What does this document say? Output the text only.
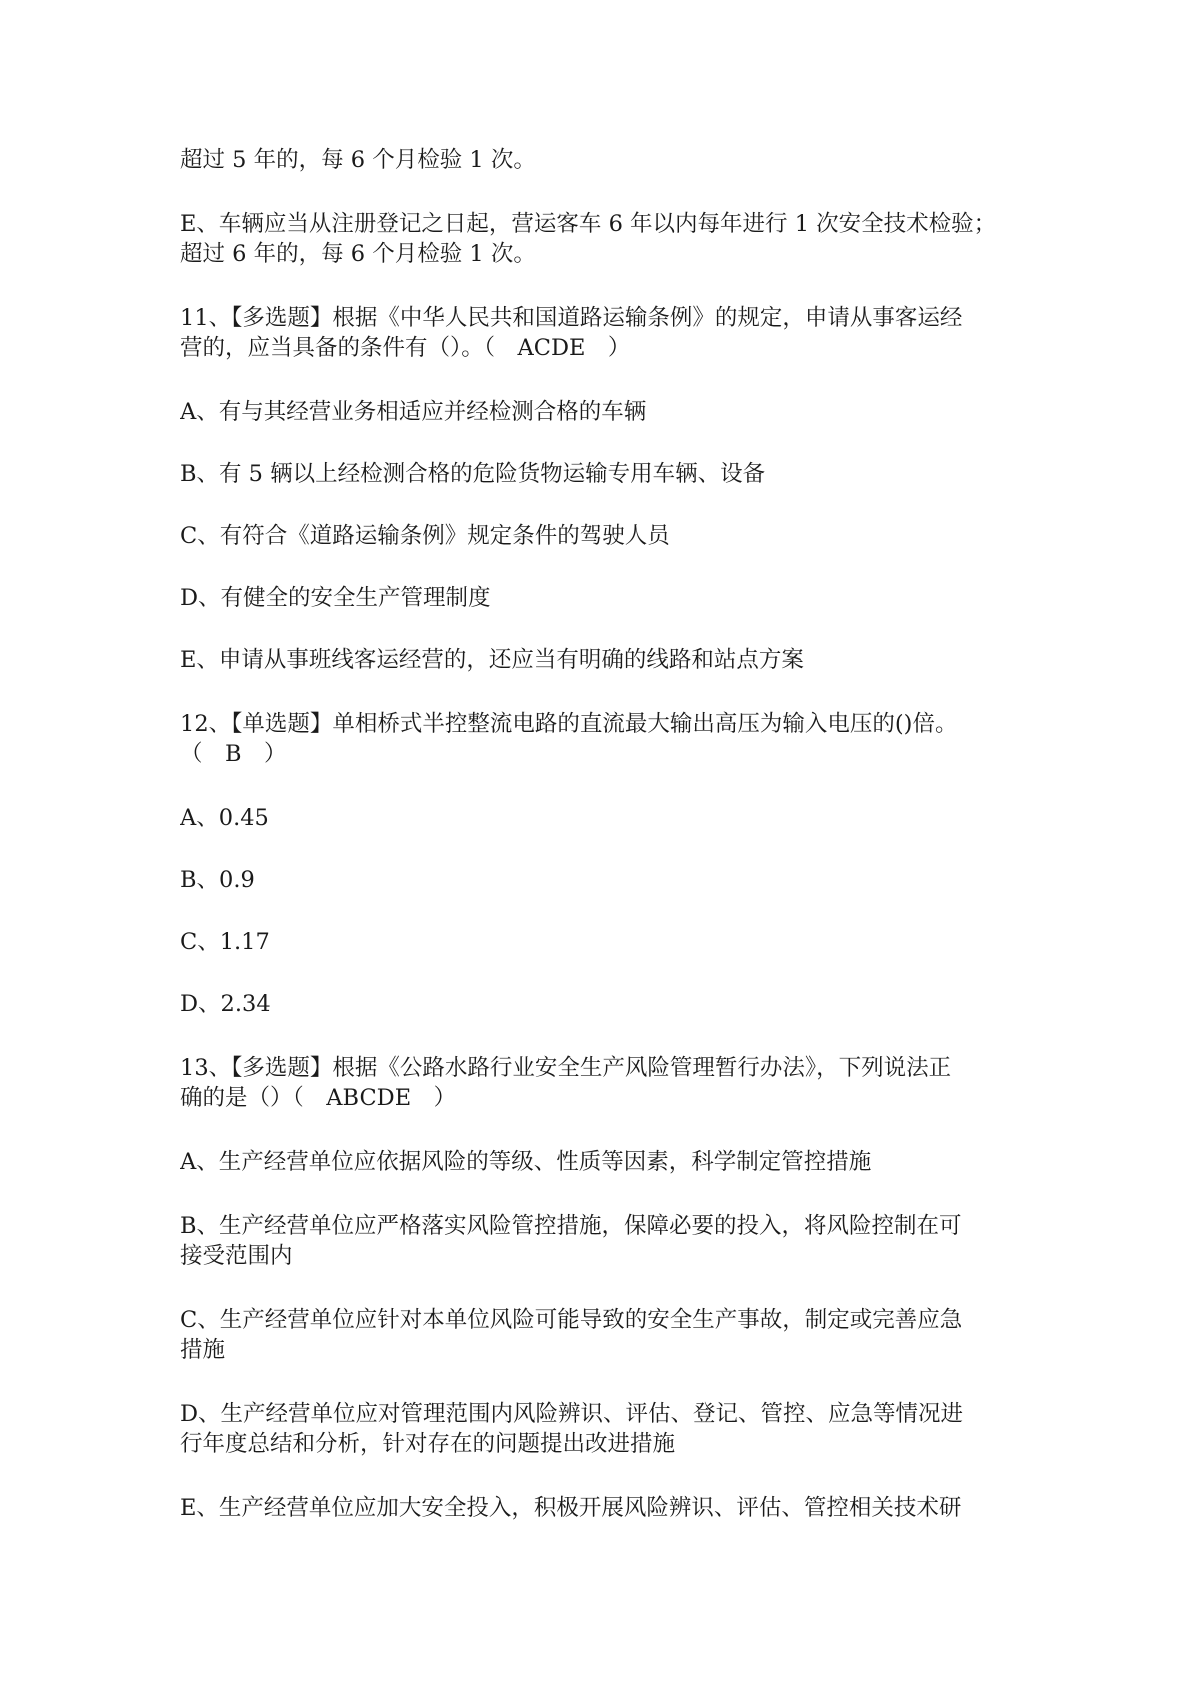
超过 5 年的，每 6 个月检验 1 次。
E、车辆应当从注册登记之日起，营运客车 6 年以内每年进行 1 次安全技术检验；
超过 6 年的，每 6 个月检验 1 次。
11、【多选题】根据《中华人民共和国道路运输条例》的规定，申请从事客运经
营的，应当具备的条件有（）。（　ACDE　）
A、有与其经营业务相适应并经检测合格的车辆
B、有 5 辆以上经检测合格的危险货物运输专用车辆、设备
C、有符合《道路运输条例》规定条件的驾驶人员
D、有健全的安全生产管理制度
E、申请从事班线客运经营的，还应当有明确的线路和站点方案
12、【单选题】单相桥式半控整流电路的直流最大输出高压为输入电压的()倍。
（　B　）
A、0.45
B、0.9
C、1.17
D、2.34
13、【多选题】根据《公路水路行业安全生产风险管理暂行办法》，下列说法正
确的是（）（　ABCDE　）
A、生产经营单位应依据风险的等级、性质等因素，科学制定管控措施
B、生产经营单位应严格落实风险管控措施，保障必要的投入，将风险控制在可
接受范围内
C、生产经营单位应针对本单位风险可能导致的安全生产事故，制定或完善应急
措施
D、生产经营单位应对管理范围内风险辨识、评估、登记、管控、应急等情况进
行年度总结和分析，针对存在的问题提出改进措施
E、生产经营单位应加大安全投入，积极开展风险辨识、评估、管控相关技术研
